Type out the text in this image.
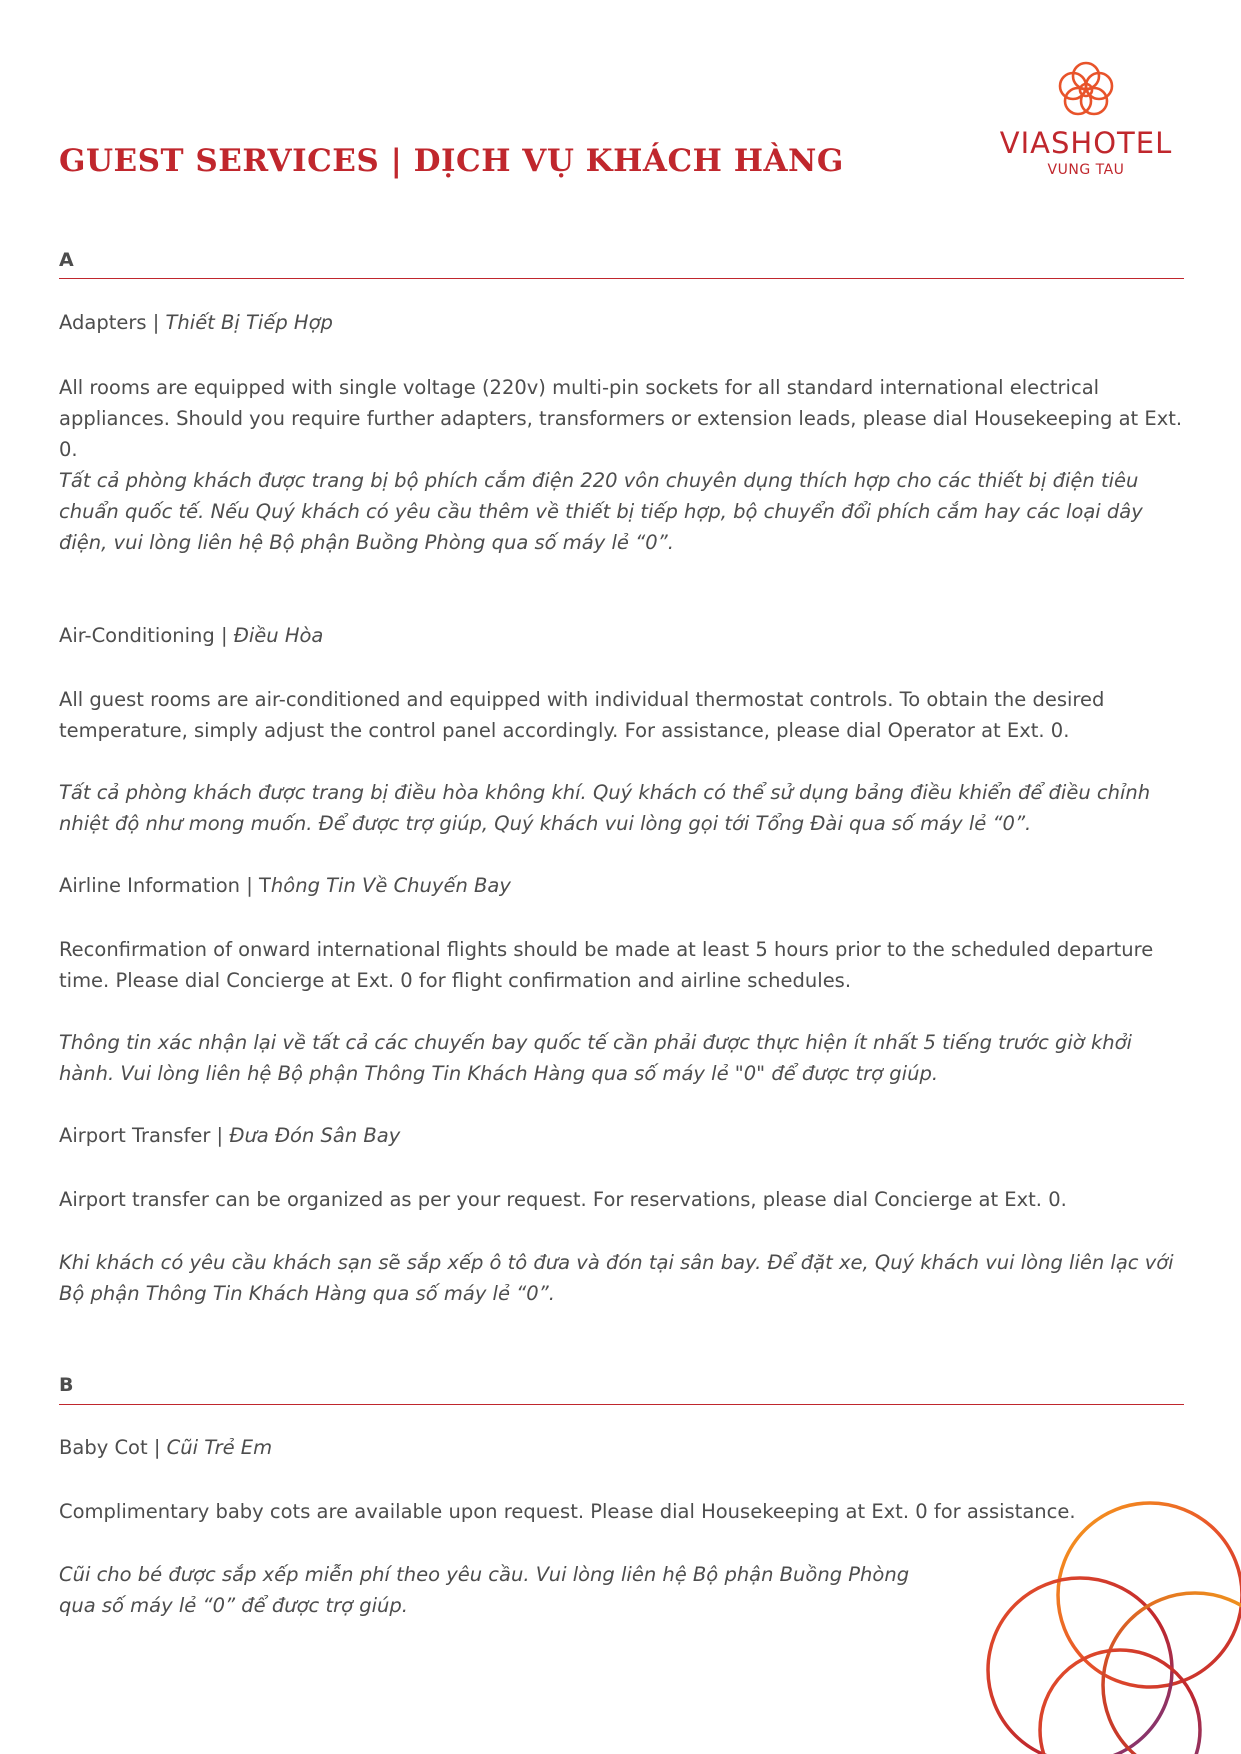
GUEST SERVICES | DỊCH VỤ KHÁCH HÀNG	VIASHOTEL
VUNG TAU
A
Adapters | Thiết Bị Tiếp Hợp

All rooms are equipped with single voltage (220v) multi-pin sockets for all standard international electrical appliances. Should you require further adapters, transformers or extension leads, please dial Housekeeping at Ext. 0.

Tất cả phòng khách được trang bị bộ phích cắm điện 220 vôn chuyên dụng thích hợp cho các thiết bị điện tiêu chuẩn quốc tế. Nếu Quý khách có yêu cầu thêm về thiết bị tiếp hợp, bộ chuyển đổi phích cắm hay các loại dây điện, vui lòng liên hệ Bộ phận Buồng Phòng qua số máy lẻ “0”.

Air-Conditioning | Điều Hòa

All guest rooms are air-conditioned and equipped with individual thermostat controls. To obtain the desired temperature, simply adjust the control panel accordingly. For assistance, please dial Operator at Ext. 0.

Tất cả phòng khách được trang bị điều hòa không khí. Quý khách có thể sử dụng bảng điều khiển để điều chỉnh nhiệt độ như mong muốn. Để được trợ giúp, Quý khách vui lòng gọi tới Tổng Đài qua số máy lẻ “0”.

Airline Information | Thông Tin Về Chuyến Bay

Reconfirmation of onward international flights should be made at least 5 hours prior to the scheduled departure time. Please dial Concierge at Ext. 0 for flight confirmation and airline schedules.

Thông tin xác nhận lại về tất cả các chuyến bay quốc tế cần phải được thực hiện ít nhất 5 tiếng trước giờ khởi hành. Vui lòng liên hệ Bộ phận Thông Tin Khách Hàng qua số máy lẻ "0" để được trợ giúp.

Airport Transfer | Đưa Đón Sân Bay

Airport transfer can be organized as per your request. For reservations, please dial Concierge at Ext. 0.

Khi khách có yêu cầu khách sạn sẽ sắp xếp ô tô đưa và đón tại sân bay. Để đặt xe, Quý khách vui lòng liên lạc với Bộ phận Thông Tin Khách Hàng qua số máy lẻ “0”.

B
Baby Cot | Cũi Trẻ Em

Complimentary baby cots are available upon request. Please dial Housekeeping at Ext. 0 for assistance.

Cũi cho bé được sắp xếp miễn phí theo yêu cầu. Vui lòng liên hệ Bộ phận Buồng Phòng qua số máy lẻ “0” để được trợ giúp.
